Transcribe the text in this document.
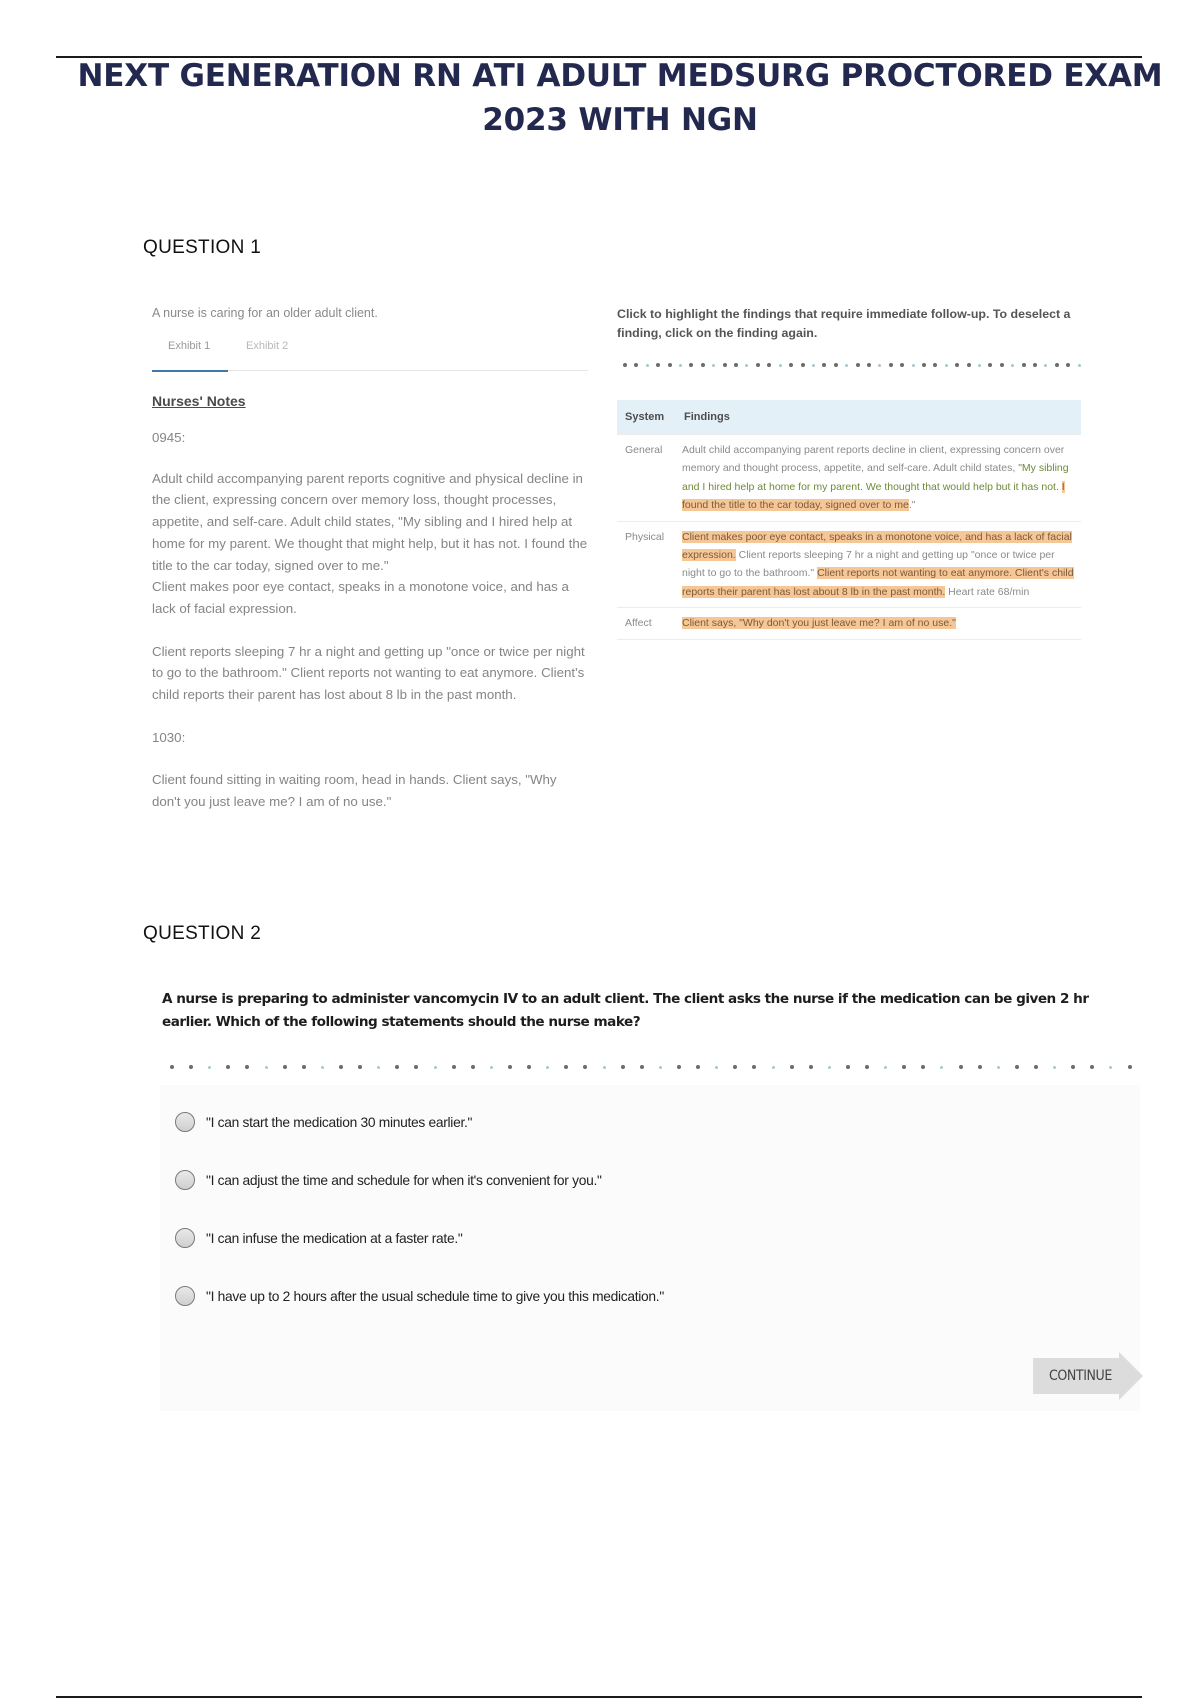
NEXT GENERATION RN ATI ADULT MEDSURG PROCTORED EXAM 2023 WITH NGN
QUESTION 1

A nurse is caring for an older adult client.

Exhibit 1	Exhibit 2

Nurses' Notes

0945:

Adult child accompanying parent reports cognitive and physical decline in the client, expressing concern over memory loss, thought processes, appetite, and self-care. Adult child states, "My sibling and I hired help at home for my parent. We thought that might help, but it has not. I found the title to the car today, signed over to me."

Client makes poor eye contact, speaks in a monotone voice, and has a lack of facial expression.

Client reports sleeping 7 hr a night and getting up "once or twice per night to go to the bathroom." Client reports not wanting to eat anymore. Client's child reports their parent has lost about 8 lb in the past month.

1030:

Client found sitting in waiting room, head in hands. Client says, "Why don't you just leave me? I am of no use."

Click to highlight the findings that require immediate follow-up. To deselect a finding, click on the finding again.

System	Findings
General	Adult child accompanying parent reports decline in client, expressing concern over memory and thought process, appetite, and self-care. Adult child states, "My sibling and I hired help at home for my parent. We thought that would help but it has not. I found the title to the car today, signed over to me."
Physical	Client makes poor eye contact, speaks in a monotone voice, and has a lack of facial expression. Client reports sleeping 7 hr a night and getting up "once or twice per night to go to the bathroom." Client reports not wanting to eat anymore. Client's child reports their parent has lost about 8 lb in the past month. Heart rate 68/min
Affect	Client says, "Why don't you just leave me? I am of no use."
QUESTION 2

A nurse is preparing to administer vancomycin IV to an adult client. The client asks the nurse if the medication can be given 2 hr earlier. Which of the following statements should the nurse make?

"I can start the medication 30 minutes earlier."
"I can adjust the time and schedule for when it's convenient for you."
"I can infuse the medication at a faster rate."
"I have up to 2 hours after the usual schedule time to give you this medication."
CONTINUE
